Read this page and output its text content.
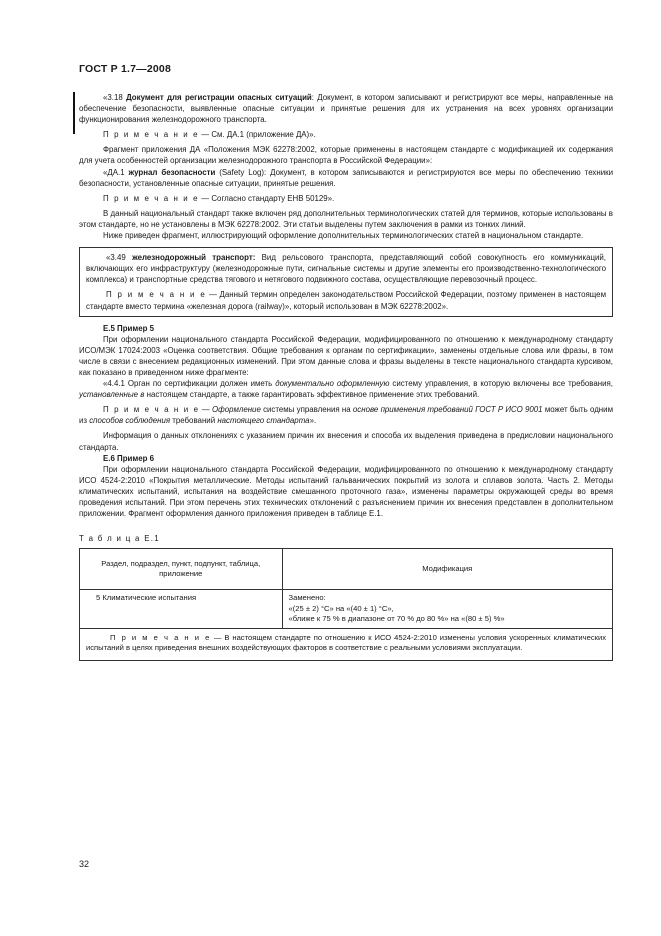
ГОСТ Р 1.7—2008

«3.18 Документ для регистрации опасных ситуаций: Документ, в котором записывают и регистрируют все меры, направленные на обеспечение безопасности, выявленные опасные ситуации и принятые решения для их устранения на всех уровнях организации функционирования железнодорожного транспорта.

П р и м е ч а н и е — См. ДА.1 (приложение ДА)».

Фрагмент приложения ДА «Положения МЭК 62278:2002, которые применены в настоящем стандарте с модификацией их содержания для учета особенностей организации железнодорожного транспорта в Российской Федерации»:

«ДА.1 журнал безопасности (Safety Log): Документ, в котором записываются и регистрируются все меры по обеспечению техники безопасности, установленные опасные ситуации, принятые решения.

П р и м е ч а н и е — Согласно стандарту ЕНВ 50129».

В данный национальный стандарт также включен ряд дополнительных терминологических статей для терминов, которые использованы в этом стандарте, но не установлены в МЭК 62278:2002. Эти статьи выделены путем заключения в рамки из тонких линий.

Ниже приведен фрагмент, иллюстрирующий оформление дополнительных терминологических статей в национальном стандарте.

«3.49 железнодорожный транспорт: Вид рельсового транспорта, представляющий собой совокупность его коммуникаций, включающих его инфраструктуру (железнодорожные пути, сигнальные системы и другие элементы его производственно-технологического комплекса) и транспортные средства тягового и нетягового подвижного состава, осуществляющие перевозочный процесс.

П р и м е ч а н и е — Данный термин определен законодательством Российской Федерации, поэтому применен в настоящем стандарте вместо термина «железная дорога (railway)», который использован в МЭК 62278:2002».

Е.5 Пример 5

При оформлении национального стандарта Российской Федерации, модифицированного по отношению к международному стандарту ИСО/МЭК 17024:2003 «Оценка соответствия. Общие требования к органам по сертификации», заменены отдельные слова или фразы, в том числе в связи с внесением редакционных изменений. При этом данные слова и фразы выделены в тексте национального стандарта курсивом, как показано в приведенном ниже фрагменте:

«4.4.1 Орган по сертификации должен иметь документально оформленную систему управления, в которую включены все требования, установленные в настоящем стандарте, а также гарантировать эффективное применение этих требований.

П р и м е ч а н и е — Оформление системы управления на основе применения требований ГОСТ Р ИСО 9001 может быть одним из способов соблюдения требований настоящего стандарта».

Информация о данных отклонениях с указанием причин их внесения и способа их выделения приведена в предисловии национального стандарта.

Е.6 Пример 6

При оформлении национального стандарта Российской Федерации, модифицированного по отношению к международному стандарту ИСО 4524-2:2010 «Покрытия металлические. Методы испытаний гальванических покрытий из золота и сплавов золота. Часть 2. Методы климатических испытаний, испытания на воздействие смешанного проточного газа», изменены параметры окружающей среды во время проведения испытаний. При этом перечень этих технических отклонений с разъяснением причин их внесения представлен в дополнительном приложении. Фрагмент оформления данного приложения приведен в таблице Е.1.

Т а б л и ц а Е.1
Раздел, подраздел, пункт, подпункт, таблица, приложение	Модификация
5 Климатические испытания	Заменено:
«(25 ± 2) °С» на «(40 ± 1) °С»,
«ближе к 75 % в диапазоне от 70 % до 80 %» на «(80 ± 5) %»

П р и м е ч а н и е — В настоящем стандарте по отношению к ИСО 4524-2:2010 изменены условия ускоренных климатических испытаний в целях приведения внешних воздействующих факторов в соответствие с реальными условиями эксплуатации.	
32
